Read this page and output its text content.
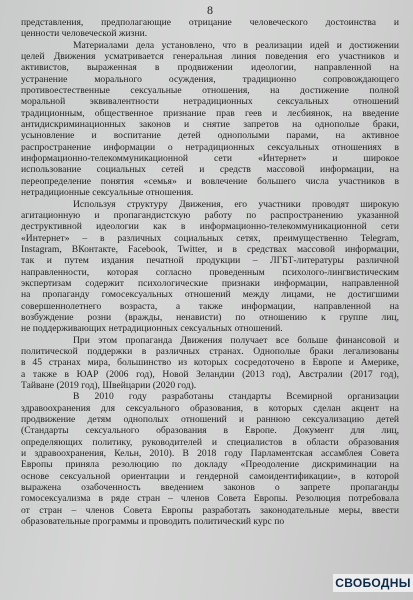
8

представления, предполагающие отрицание человеческого достоинства и
ценности человеческой жизни.

Материалами дела установлено, что в реализации идей и достижении
целей Движения усматривается генеральная линия поведения его участников и
активистов, выраженная в продвижении идеологии, направленной на
устранение морального осуждения, традиционно сопровождающего
противоестественные сексуальные отношения, на достижение полной
моральной эквивалентности нетрадиционных сексуальных отношений
традиционным, общественное признание прав геев и лесбиянок, на введение
антидискриминационных законов и снятие запретов на однополые браки,
усыновление и воспитание детей однополыми парами, на активное
распространение информации о нетрадиционных сексуальных отношениях в
информационно-телекоммуникационной сети «Интернет» и широкое
использование социальных сетей и средств массовой информации, на
переопределение понятия «семья» и вовлечение большего числа участников в
нетрадиционные сексуальные отношения.

Используя структуру Движения, его участники проводят широкую
агитационную и пропагандистскую работу по распространению указанной
деструктивной идеологии как в информационно-телекоммуникационной сети
«Интернет» – в различных социальных сетях, преимущественно Telegram,
Instagram, ВКонтакте, Facebook, Twitter, и в средствах массовой информации,
так и путем издания печатной продукции – ЛГБТ-литературы различной
направленности, которая согласно проведенным психолого-лингвистическим
экспертизам содержит психологические признаки информации, направленной
на пропаганду гомосексуальных отношений между лицами, не достигшими
совершеннолетнего возраста, а также информации, направленной на
возбуждение розни (вражды, ненависти) по отношению к группе лиц,
не поддерживающих нетрадиционных сексуальных отношений.

При этом пропаганда Движения получает все больше финансовой и
политической поддержки в различных странах. Однополые браки легализованы
в 45 странах мира, большинство из которых сосредоточено в Европе и Америке,
а также в ЮАР (2006 год), Новой Зеландии (2013 год), Австралии (2017 год),
Тайване (2019 год), Швейцарии (2020 год).

В 2010 году разработаны стандарты Всемирной организации
здравоохранения для сексуального образования, в которых сделан акцент на
продвижение детям однополых отношений и раннюю сексуализацию детей
(Стандарты сексуального образования в Европе. Документ для лиц,
определяющих политику, руководителей и специалистов в области образования
и здравоохранения, Кельн, 2010). В 2018 году Парламентская ассамблея Совета
Европы приняла резолюцию по докладу «Преодоление дискриминации на
основе сексуальной ориентации и гендерной самоидентификации», в которой
выражена озабоченность введением законов о запрете пропаганды
гомосексуализма в ряде стран – членов Совета Европы. Резолюция потребовала
от стран – членов Совета Европы разработать законодательные меры, ввести
образовательные программы и проводить политический курс по

СВОБОДНЫ
